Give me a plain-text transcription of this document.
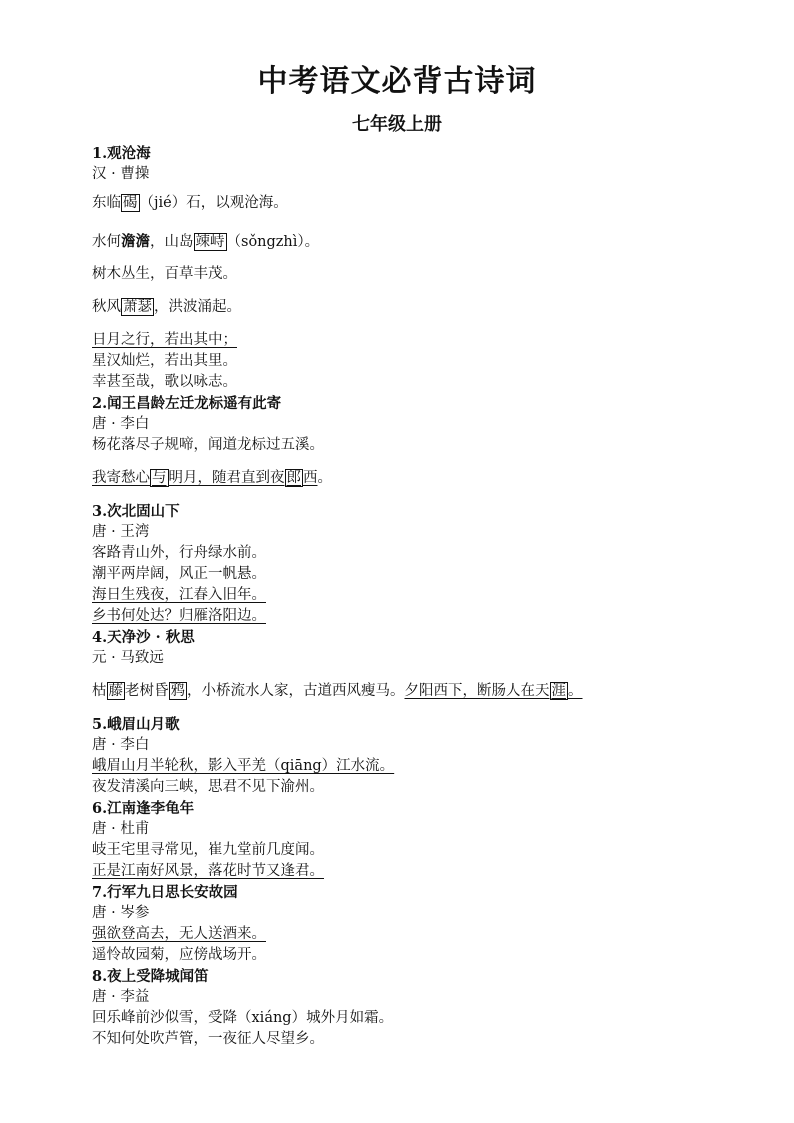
中考语文必背古诗词
七年级上册
1.观沧海
汉 · 曹操
东临 碣 （jié）石，以观沧海。
水何澹澹，山岛 竦峙 （sǒngzhì）。
树木丛生，百草丰茂。
秋风 萧瑟 ，洪波涌起。
日月之行，若出其中；
星汉灿烂，若出其里。
幸甚至哉，歌以咏志。
2.闻王昌龄左迁龙标遥有此寄
唐 · 李白
杨花落尽子规啼，闻道龙标过五溪。
我寄愁心 与 明月，随君直到夜 郎 西。
3.次北固山下
唐 · 王湾
客路青山外，行舟绿水前。
潮平两岸阔，风正一帆悬。
海日生残夜，江春入旧年。
乡书何处达？归雁洛阳边。
4.天净沙 · 秋思
元 · 马致远
枯 藤 老树昏 鸦 ，小桥流水人家，古道西风瘦马。夕阳西下，断肠人在天 涯 。
5.峨眉山月歌
唐 · 李白
峨眉山月半轮秋，影入平羌（qiāng）江水流。
夜发清溪向三峡，思君不见下渝州。
6.江南逢李龟年
唐 · 杜甫
岐王宅里寻常见，崔九堂前几度闻。
正是江南好风景，落花时节又逢君。
7.行军九日思长安故园
唐 · 岑参
强欲登高去，无人送酒来。
遥怜故园菊，应傍战场开。
8.夜上受降城闻笛
唐 · 李益
回乐峰前沙似雪，受降（xiáng）城外月如霜。
不知何处吹芦管，一夜征人尽望乡。
